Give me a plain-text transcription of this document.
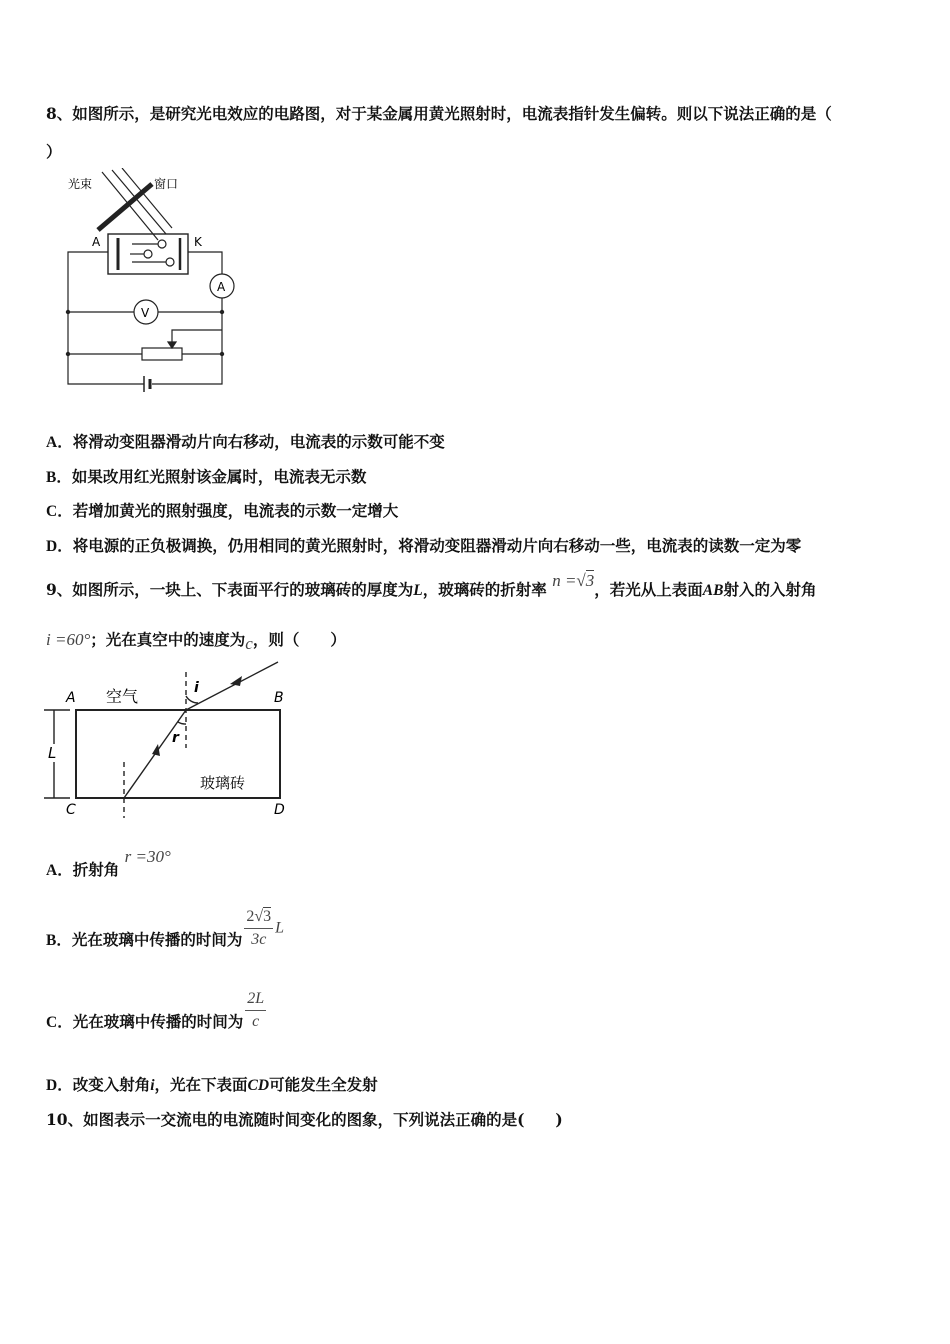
8、如图所示，是研究光电效应的电路图，对于某金属用黄光照射时，电流表指针发生偏转。则以下说法正确的是（
）
光束	窗口
A	K
A
V
A．将滑动变阻器滑动片向右移动，电流表的示数可能不变
B．如果改用红光照射该金属时，电流表无示数
C．若增加黄光的照射强度，电流表的示数一定增大
D．将电源的正负极调换，仍用相同的黄光照射时，将滑动变阻器滑动片向右移动一些，电流表的读数一定为零
9、如图所示，一块上、下表面平行的玻璃砖的厚度为L，玻璃砖的折射率 n =√3，若光从上表面AB射入的入射角
i =60°；光在真空中的速度为c，则（　　）
A	B
C	D
空气
玻璃砖
L
i
r
A．折射角 r =30°
B．光在玻璃中传播的时间为 $\frac{2√3}{3c}$ L
C．光在玻璃中传播的时间为 $\frac{2L}{c}$
D．改变入射角i，光在下表面CD可能发生全发射
10、如图表示一交流电的电流随时间变化的图象，下列说法正确的是(　　)
